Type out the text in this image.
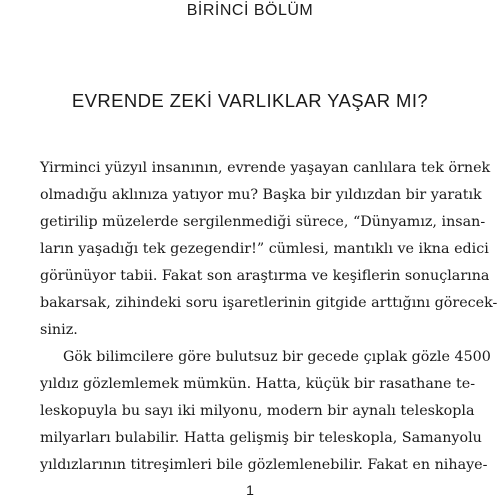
BİRİNCİ BÖLÜM
EVRENDE ZEKİ VARLIKLAR YAŞAR MI?
Yirminci yüzyıl insanının, evrende yaşayan canlılara tek örnek
olmadığu aklınıza yatıyor mu? Başka bir yıldızdan bir yaratık
getirilip müzelerde sergilenmediği sürece, “Dünyamız, insan-
ların yaşadığı tek gezegendir!” cümlesi, mantıklı ve ikna edici
görünüyor tabii. Fakat son araştırma ve keşiflerin sonuçlarına
bakarsak, zihindeki soru işaretlerinin gitgide arttığını görecek-
siniz.
Gök bilimcilere göre bulutsuz bir gecede çıplak gözle 4500
yıldız gözlemlemek mümkün. Hatta, küçük bir rasathane te-
leskopuyla bu sayı iki milyonu, modern bir aynalı teleskopla
milyarları bulabilir. Hatta gelişmiş bir teleskopla, Samanyolu
yıldızlarının titreşimleri bile gözlemlenebilir. Fakat en nihaye-
1
